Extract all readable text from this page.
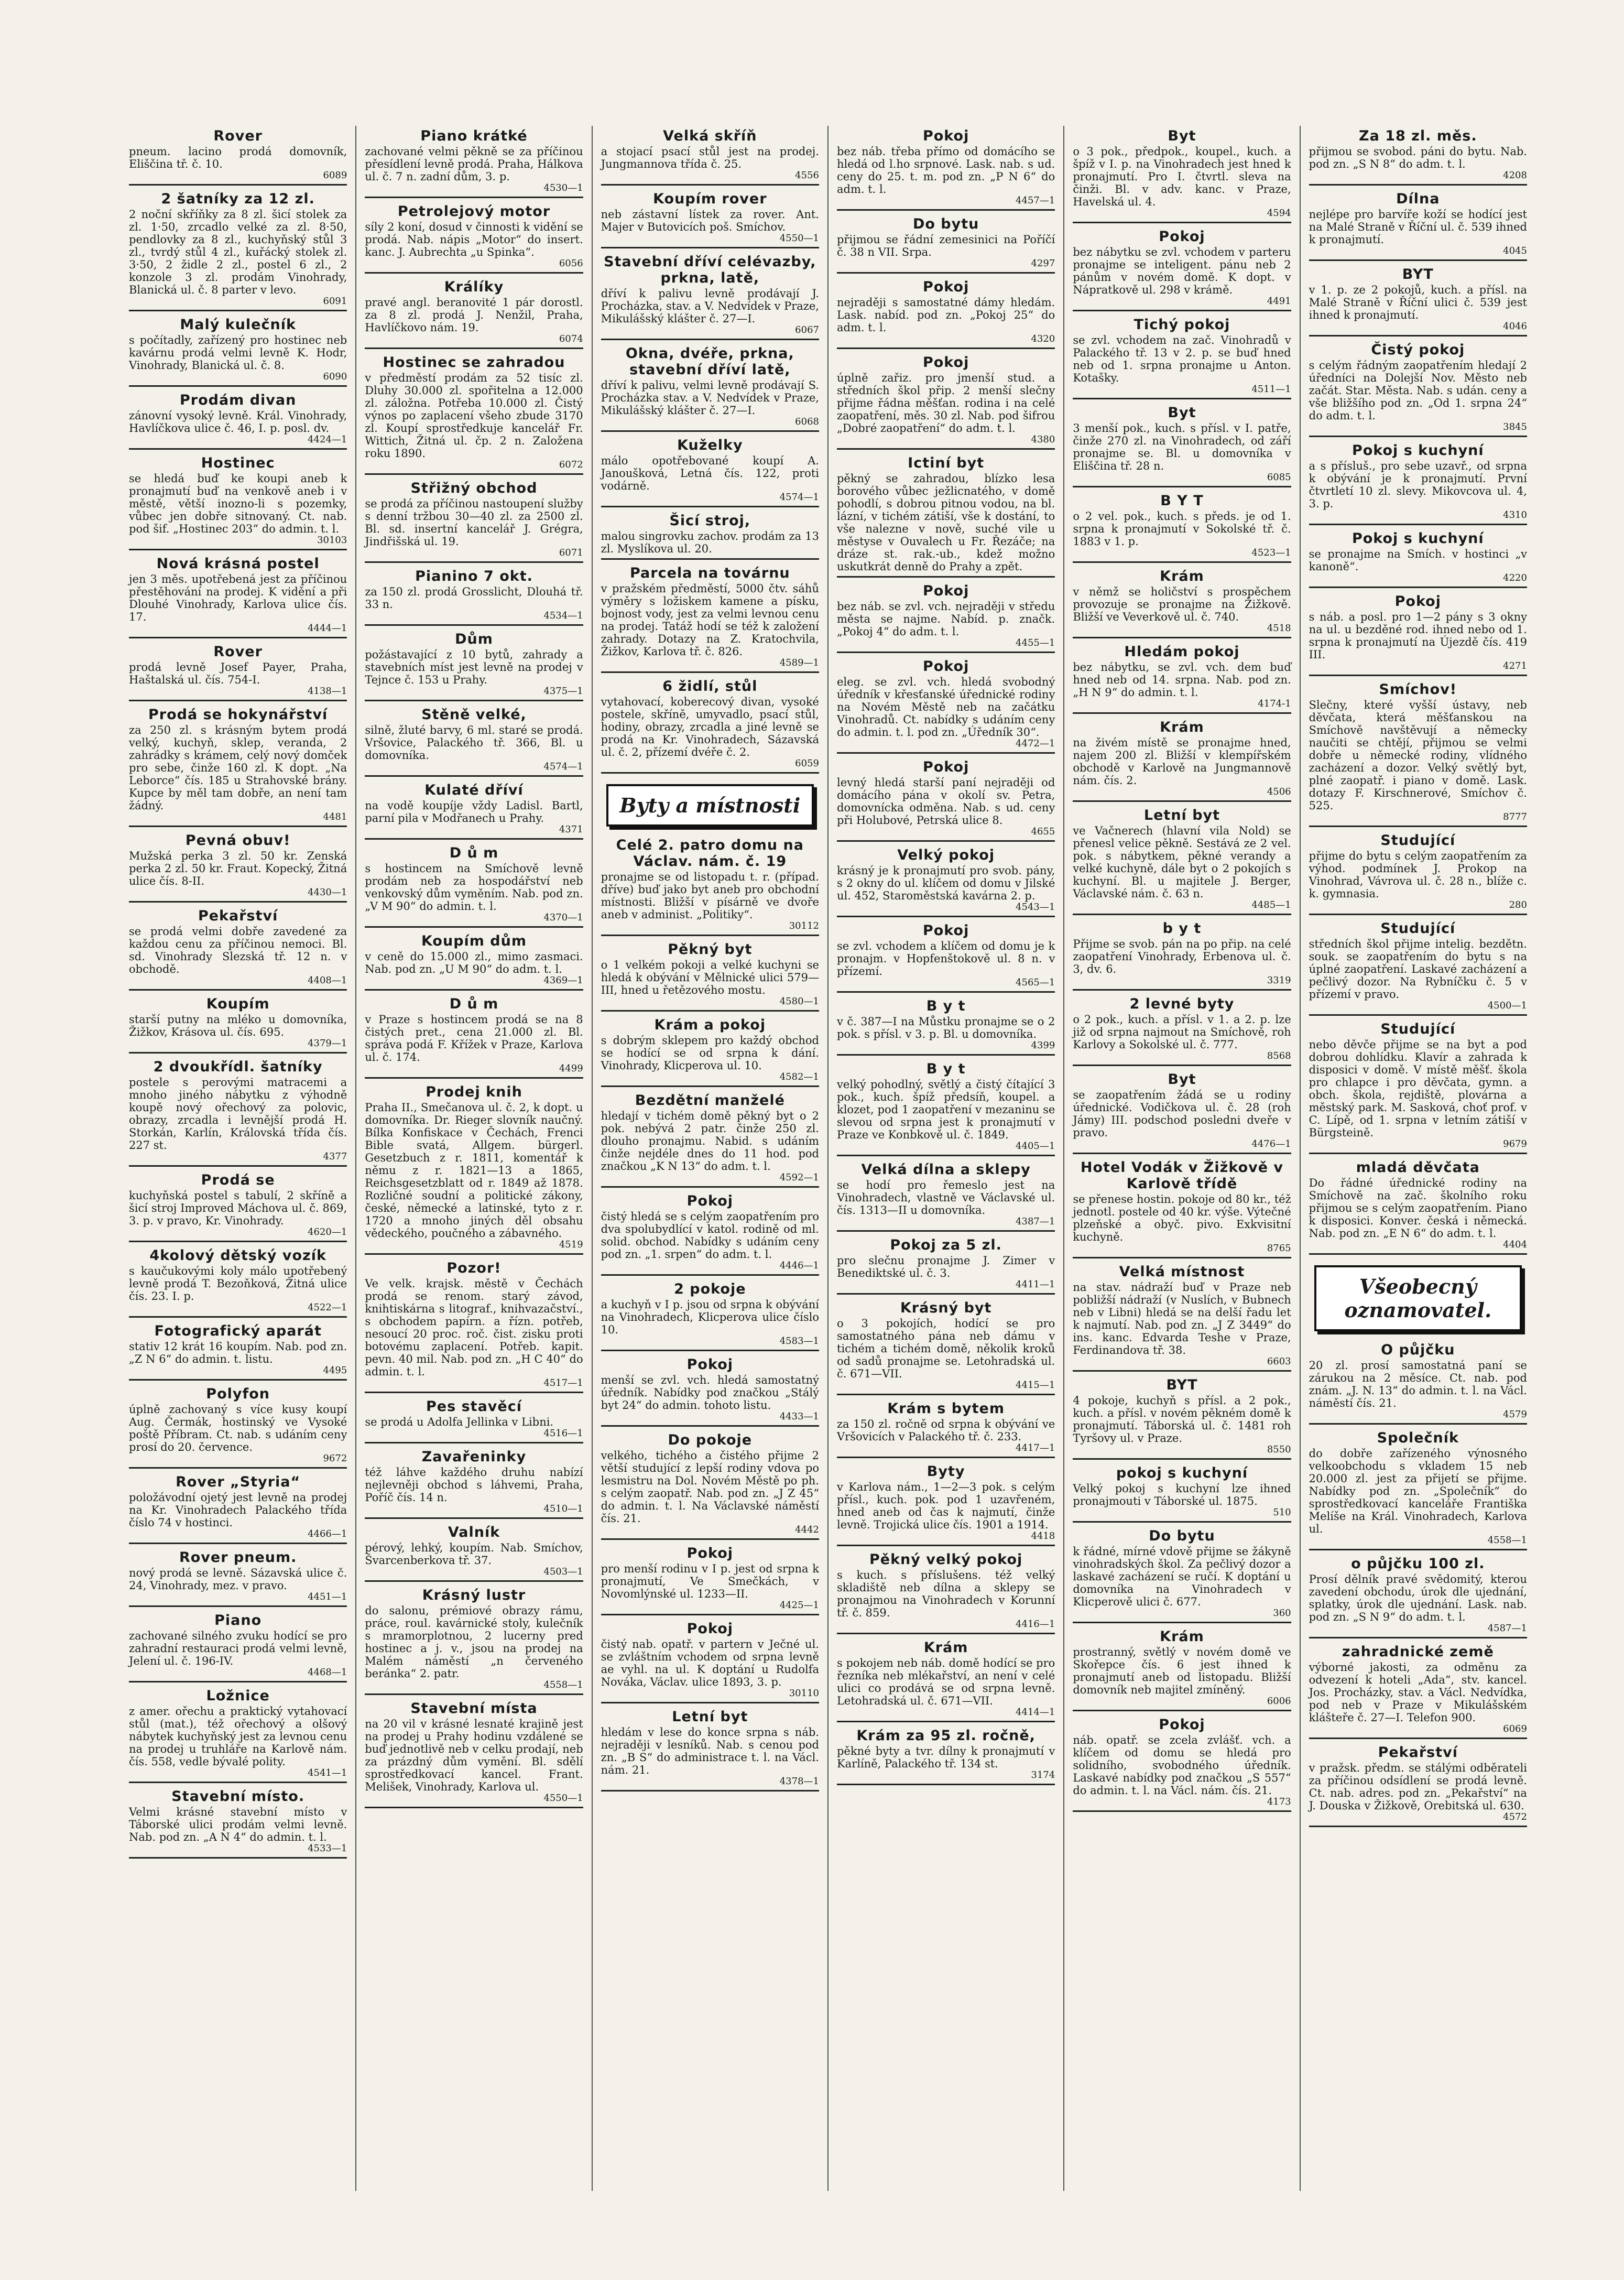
Rover

pneum. lacino prodá domovník, Eliščina tř. č. 10.

6089
2 šatníky za 12 zl.

2 noční skříňky za 8 zl. šicí stolek za zl. 1·50, zrcadlo velké za zl. 8·50, pendlovky za 8 zl., kuchyňský stůl 3 zl., tvrdý stůl 4 zl., kuřácký stolek zl. 3·50, 2 židle 2 zl., postel 6 zl., 2 konzole 3 zl. prodám Vinohrady, Blanická ul. č. 8 parter v levo.

6091
Malý kulečník

s počítadly, zařízený pro hostinec neb kavárnu prodá velmi levně K. Hodr, Vinohrady, Blanická ul. č. 8.

6090
Prodám divan

zánovní vysoký levně. Král. Vinohrady, Havlíčkova ulice č. 46, I. p. posl. dv.

4424—1
Hostinec

se hledá buď ke koupi aneb k pronajmutí buď na venkově aneb i v městě, větší inozno-li s pozemky, vůbec jen dobře sitnovaný. Ct. nab. pod šif. „Hostinec 203“ do admin. t. l.

30103
Nová krásná postel

jen 3 měs. upotřebená jest za příčinou přestěhování na prodej. K vidění a při Dlouhé Vinohrady, Karlova ulice čís. 17.

4444—1
Rover

prodá levně Josef Payer, Praha, Haštalská ul. čís. 754-I.

4138—1
Prodá se hokynářství

za 250 zl. s krásným bytem prodá velký, kuchyň, sklep, veranda, 2 zahrádky s krámem, celý nový domček pro sebe, činže 160 zl. K dopt. „Na Leborce“ čís. 185 u Strahovské brány. Kupce by měl tam dobře, an není tam žádný.

4481
Pevná obuv!

Mužská perka 3 zl. 50 kr. Zenská perka 2 zl. 50 kr. Fraut. Kopecký, Žitná ulice čís. 8-II.

4430—1
Pekařství

se prodá velmi dobře zavedené za každou cenu za příčinou nemoci. Bl. sd. Vinohrady Slezská tř. 12 n. v obchodě.

4408—1
Koupím

starší putny na mléko u domovníka, Žižkov, Krásova ul. čís. 695.

4379—1
2 dvoukřídl. šatníky

postele s perovými matracemi a mnoho jiného nábytku z výhodně koupě nový ořechový za polovic, obrazy, zrcadla i levnější prodá H. Storkán, Karlín, Královská třída čís. 227 st.

4377
Prodá se

kuchyňská postel s tabulí, 2 skříně a šicí stroj Improved Máchova ul. č. 869, 3. p. v pravo, Kr. Vinohrady.

4620—1
4kolový dětský vozík

s kaučukovými koly málo upotřebený levně prodá T. Bezoňková, Žitná ulice čís. 23. I. p.

4522—1
Fotografický aparát

stativ 12 krát 16 koupím. Nab. pod zn. „Z N 6“ do admin. t. listu.

4495
Polyfon

úplně zachovaný s více kusy koupí Aug. Čermák, hostinský ve Vysoké poště Příbram. Ct. nab. s udáním ceny prosí do 20. července.

9672
Rover „Styria“

položávodní ojetý jest levně na prodej na Kr. Vinohradech Palackého třída číslo 74 v hostinci.

4466—1
Rover pneum.

nový prodá se levně. Sázavská ulice č. 24, Vinohrady, mez. v pravo.

4451—1
Piano

zachované silného zvuku hodící se pro zahradní restauraci prodá velmi levně, Jelení ul. č. 196-IV.

4468—1
Ložnice

z amer. ořechu a praktický vytahovací stůl (mat.), též ořechový a olšový nábytek kuchyňský jest za levnou cenu na prodej u truhláře na Karlově nám. čís. 558, vedle bývalé polity.

4541—1
Stavební místo.

Velmi krásné stavební místo v Táborské ulici prodám velmi levně. Nab. pod zn. „A N 4“ do admin. t. l.

4533—1
Piano krátké

zachované velmi pěkně se za příčinou přesídlení levně prodá. Praha, Hálkova ul. č. 7 n. zadní dům, 3. p.

4530—1
Petrolejový motor

síly 2 koní, dosud v činnosti k vidění se prodá. Nab. nápis „Motor“ do insert. kanc. J. Aubrechta „u Spinka“.

6056
Králíky

pravé angl. beranovité 1 pár dorostl. za 8 zl. prodá J. Nenžil, Praha, Havlíčkovo nám. 19.

6074
Hostinec se zahradou

v předměstí prodám za 52 tisíc zl. Dluhy 30.000 zl. spořitelna a 12.000 zl. záložna. Potřeba 10.000 zl. Čistý výnos po zaplacení všeho zbude 3170 zl. Koupí sprostředkuje kancelář Fr. Wittich, Žitná ul. čp. 2 n. Založena roku 1890.

6072
Střižný obchod

se prodá za příčinou nastoupení služby s denní tržbou 30—40 zl. za 2500 zl. Bl. sd. insertní kancelář J. Grégra, Jindřišská ul. 19.

6071
Pianino 7 okt.

za 150 zl. prodá Grosslicht, Dlouhá tř. 33 n.

4534—1
Dům

požástavající z 10 bytů, zahrady a stavebních míst jest levně na prodej v Tejnce č. 153 u Prahy.

4375—1
Stěně velké,

silně, žluté barvy, 6 ml. staré se prodá. Vršovice, Palackého tř. 366, Bl. u domovníka.

4574—1
Kulaté dříví

na vodě koupíje vždy Ladisl. Bartl, parní pila v Modřanech u Prahy.

4371
D ů m

s hostincem na Smíchově levně prodám neb za hospodářství neb venkovský dům vyměním. Nab. pod zn. „V M 90“ do admin. t. l.

4370—1
Koupím dům

v ceně do 15.000 zl., mimo zasmaci. Nab. pod zn. „U M 90“ do adm. t. l.

4369—1
D ů m

v Praze s hostincem prodá se na 8 čistých pret., cena 21.000 zl. Bl. správa podá F. Křížek v Praze, Karlova ul. č. 174.

4499
Prodej knih

Praha II., Smečanova ul. č. 2, k dopt. u domovníka. Dr. Rieger slovník naučný. Bílka Konfiskace v Čechách, Frenci Bible svatá, Allgem. bürgerl. Gesetzbuch z r. 1811, komentář k němu z r. 1821—13 a 1865, Reichsgesetzblatt od r. 1849 až 1878. Rozličné soudní a politické zákony, české, německé a latinské, tyto z r. 1720 a mnoho jiných děl obsahu vědeckého, poučného a zábavného.

4519
Pozor!

Ve velk. krajsk. městě v Čechách prodá se renom. starý závod, knihtiskárna s litograf., knihvazačství., s obchodem papírn. a řízn. potřeb, nesoucí 20 proc. roč. čist. zisku proti botovému zaplacení. Potřeb. kapit. pevn. 40 mil. Nab. pod zn. „H C 40“ do admin. t. l.

4517—1
Pes stavěcí

se prodá u Adolfa Jellinka v Libni.

4516—1
Zavařeninky

též láhve každého druhu nabízí nejlevněji obchod s láhvemi, Praha, Poříč čís. 14 n.

4510—1
Valník

pérový, lehký, koupím. Nab. Smíchov, Švarcenberkova tř. 37.

4503—1
Krásný lustr

do salonu, prémiové obrazy rámu, práce, roul. kavárnické stoly, kulečník s mramorplotnou, 2 lucerny pred hostinec a j. v., jsou na prodej na Malém náměstí „n červeného beránka“ 2. patr.

4558—1
Stavební místa

na 20 vil v krásné lesnaté krajině jest na prodej u Prahy hodinu vzdálené se buď jednotlivě neb v celku prodají, neb za prázdný dům vymění. Bl. sdělí sprostředkovací kancel. Frant. Melišek, Vinohrady, Karlova ul.

4550—1
Velká skříň

a stojací psací stůl jest na prodej. Jungmannova třída č. 25.

4556
Koupím rover

neb zástavní lístek za rover. Ant. Majer v Butovicích poš. Smíchov.

4550—1
Stavební dříví celévazby, prkna, latě,

dříví k palivu levně prodávají J. Procházka, stav. a V. Nedvídek v Praze, Mikulášský klášter č. 27—I.

6067
Okna, dvéře, prkna, stavební dříví latě,

dříví k palivu, velmi levně prodávají S. Procházka stav. a V. Nedvídek v Praze, Mikulášský klášter č. 27—I.

6068
Kuželky

málo opotřebované koupí A. Janoušková, Letná čís. 122, proti vodárně.

4574—1
Šicí stroj,

malou singrovku zachov. prodám za 13 zl. Myslíkova ul. 20.

Parcela na továrnu

v pražském předměstí, 5000 čtv. sáhů výměry s ložiskem kamene a písku, bojnost vody, jest za velmi levnou cenu na prodej. Tatáž hodí se též k založení zahrady. Dotazy na Z. Kratochvila, Žižkov, Karlova tř. č. 826.

4589—1
6 židlí, stůl

vytahovací, koberecový divan, vysoké postele, skříně, umyvadlo, psací stůl, hodiny, obrazy, zrcadla a jiné levně se prodá na Kr. Vinohradech, Sázavská ul. č. 2, přízemí dvéře č. 2.

6059
Byty a místnosti
Celé 2. patro domu na Václav. nám. č. 19

pronajme se od listopadu t. r. (případ. dříve) buď jako byt aneb pro obchodní místnosti. Bližší v písárně ve dvoře aneb v administ. „Politiky“.

30112
Pěkný byt

o 1 velkém pokoji a velké kuchyni se hledá k obývání v Mělnické ulici 579—III, hned u řetězového mostu.

4580—1
Krám a pokoj

s dobrým sklepem pro každý obchod se hodící se od srpna k dání. Vinohrady, Klicperova ul. 10.

4582—1
Bezdětní manželé

hledají v tichém domě pěkný byt o 2 pok. nebývá 2 patr. činže 250 zl. dlouho pronajmu. Nabid. s udáním činže nejdéle dnes do 11 hod. pod značkou „K N 13“ do adm. t. l.

4592—1
Pokoj

čistý hledá se s celým zaopatřením pro dva spolubydlící v katol. rodině od ml. solid. obchod. Nabídky s udáním ceny pod zn. „1. srpen“ do adm. t. l.

4446—1
2 pokoje

a kuchyň v I p. jsou od srpna k obývání na Vinohradech, Klicperova ulice číslo 10.

4583—1
Pokoj

menší se zvl. vch. hledá samostatný úředník. Nabídky pod značkou „Stálý byt 24“ do admin. tohoto listu.

4433—1
Do pokoje

velkého, tichého a čistého přijme 2 větší studující z lepší rodiny vdova po lesmistru na Dol. Novém Městě po ph. s celým zaopatř. Nab. pod zn. „J Z 45“ do admin. t. l. Na Václavské náměstí čís. 21.

4442
Pokoj

pro menší rodinu v I p. jest od srpna k pronajmutí, Ve Smečkách, v Novomlýnské ul. 1233—II.

4425—1
Pokoj

čistý nab. opatř. v partern v Ječné ul. se zvláštním vchodem od srpna levně ae vyhl. na ul. K doptání u Rudolfa Nováka, Václav. ulice 1893, 3. p.

30110
Letní byt

hledám v lese do konce srpna s náb. nejraději v lesníků. Nab. s cenou pod zn. „B S“ do administrace t. l. na Václ. nám. 21.

4378—1
Pokoj

bez náb. třeba přímo od domácího se hledá od l.ho srpnové. Lask. nab. s ud. ceny do 25. t. m. pod zn. „P N 6“ do adm. t. l.

4457—1
Do bytu

přijmou se řádní zemesinici na Poříčí č. 38 n VII. Srpa.

4297
Pokoj

nejraději s samostatné dámy hledám. Lask. nabíd. pod zn. „Pokoj 25“ do adm. t. l.

4320
Pokoj

úplně zařiz. pro jmenší stud. a středních škol přip. 2 menší slečny přijme řádna měšťan. rodina i na celé zaopatření, měs. 30 zl. Nab. pod šifrou „Dobré zaopatření“ do adm. t. l.

4380
Ictiní byt

pěkný se zahradou, blízko lesa borového vůbec ježlicnatého, v domě pohodlí, s dobrou pitnou vodou, na bl. lázní, v tichém zátiší, vše k dostání, to vše nalezne v nově, suché vile u městyse v Ouvalech u Fr. Řezáče; na dráze st. rak.-ub., kdež možno uskutkrát denně do Prahy a zpět.

Pokoj

bez náb. se zvl. vch. nejraději v středu města se najme. Nabíd. p. značk. „Pokoj 4“ do adm. t. l.

4455—1
Pokoj

eleg. se zvl. vch. hledá svobodný úředník v křesťanské úřednické rodiny na Novém Městě neb na začátku Vinohradů. Ct. nabídky s udáním ceny do admin. t. l. pod zn. „Úředník 30“.

4472—1
Pokoj

levný hledá starší paní nejraději od domácího pána v okolí sv. Petra, domovnícka odměna. Nab. s ud. ceny při Holubové, Petrská ulice 8.

4655
Velký pokoj

krásný je k pronajmutí pro svob. pány, s 2 okny do ul. klíčem od domu v Jilské ul. 452, Staroměstská kavárna 2. p.

4543—1
Pokoj

se zvl. vchodem a klíčem od domu je k pronajm. v Hopfenštokově ul. 8 n. v přízemí.

4565—1
B y t

v č. 387—I na Můstku pronajme se o 2 pok. s přísl. v 3. p. Bl. u domovníka.

4399
B y t

velký pohodlný, světlý a čistý čítající 3 pok., kuch. špíž předsíň, koupel. a klozet, pod 1 zaopatření v mezaninu se slevou od srpna jest k pronajmutí v Praze ve Konbkově ul. č. 1849.

4405—1
Velká dílna a sklepy

se hodí pro řemeslo jest na Vinohradech, vlastně ve Václavské ul. čís. 1313—II u domovníka.

4387—1
Pokoj za 5 zl.

pro slečnu pronajme J. Zimer v Benediktské ul. č. 3.

4411—1
Krásný byt

o 3 pokojích, hodící se pro samostatného pána neb dámu v tichém a tichém domě, několik kroků od sadů pronajme se. Letohradská ul. č. 671—VII.

4415—1
Krám s bytem

za 150 zl. ročně od srpna k obývání ve Vršovicích v Palackého tř. č. 233.

4417—1
Byty

v Karlova nám., 1—2—3 pok. s celým přísl., kuch. pok. pod 1 uzavřeném, hned aneb od čas k najmutí, činže levně. Trojická ulice čís. 1901 a 1914.

4418
Pěkný velký pokoj

s kuch. s příslušens. též velký skladiště neb dílna a sklepy se pronajmou na Vinohradech v Korunní tř. č. 859.

4416—1
Krám

s pokojem neb náb. domě hodící se pro řezníka neb mlékařství, an není v celé ulici co prodává se od srpna levně. Letohradská ul. č. 671—VII.

4414—1
Krám za 95 zl. ročně,

pěkné byty a tvr. dílny k pronajmutí v Karlíně, Palackého tř. 134 st.

3174
Byt

o 3 pok., předpok., koupel., kuch. a špíž v I. p. na Vinohradech jest hned k pronajmutí. Pro I. čtvrtl. sleva na činži. Bl. v adv. kanc. v Praze, Havelská ul. 4.

4594
Pokoj

bez nábytku se zvl. vchodem v parteru pronajme se inteligent. pánu neb 2 pánům v novém domě. K dopt. v Nápratkově ul. 298 v krámě.

4491
Tichý pokoj

se zvl. vchodem na zač. Vinohradů v Palackého tř. 13 v 2. p. se buď hned neb od 1. srpna pronajme u Anton. Kotašky.

4511—1
Byt

3 menší pok., kuch. s přísl. v I. patře, činže 270 zl. na Vinohradech, od září pronajme se. Bl. u domovníka v Eliščina tř. 28 n.

6085
B Y T

o 2 vel. pok., kuch. s předs. je od 1. srpna k pronajmutí v Sokolské tř. č. 1883 v 1. p.

4523—1
Krám

v němž se holičství s prospěchem provozuje se pronajme na Žižkově. Bližší ve Veverkově ul. č. 740.

4518
Hledám pokoj

bez nábytku, se zvl. vch. dem buď hned neb od 14. srpna. Nab. pod zn. „H N 9“ do admin. t. l.

4174-1
Krám

na živém místě se pronajme hned, najem 200 zl. Bližší v klempířském obchodě v Karlově na Jungmannově nám. čís. 2.

4506
Letní byt

ve Vačnerech (hlavní vila Nold) se přenesl velice pěkně. Sestává ze 2 vel. pok. s nábytkem, pěkné verandy a velké kuchyně, dále byt o 2 pokojích s kuchyní. Bl. u majitele J. Berger, Václavské nám. č. 63 n.

4485—1
b y t

Přijme se svob. pán na po přip. na celé zaopatření Vinohrady, Erbenova ul. č. 3, dv. 6.

3319
2 levné byty

o 2 pok., kuch. a přísl. v 1. a 2. p. lze již od srpna najmout na Smíchově, roh Karlovy a Sokolské ul. č. 777.

8568
Byt

se zaopatřením žádá se u rodiny úřednické. Vodičkova ul. č. 28 (roh Jámy) III. podschod posledni dveře v pravo.

4476—1
Hotel Vodák v Žižkově v Karlově třídě

se přenese hostin. pokoje od 80 kr., též jednotl. postele od 40 kr. výše. Výtečné plzeňské a obyč. pivo. Exkvisitní kuchyně.

8765
Velká místnost

na stav. nádraží buď v Praze neb pobližší nádraží (v Nuslích, v Bubnech neb v Libni) hledá se na delší řadu let k najmutí. Nab. pod zn. „J Z 3449“ do ins. kanc. Edvarda Teshe v Praze, Ferdinandova tř. 38.

6603
BYT

4 pokoje, kuchyň s přísl. a 2 pok., kuch. a přísl. v novém pěkném domě k pronajmutí. Táborská ul. č. 1481 roh Tyršovy ul. v Praze.

8550
pokoj s kuchyní

Velký pokoj s kuchyní lze ihned pronajmouti v Táborské ul. 1875.

510
Do bytu

k řádné, mírné vdově přijme se žákyně vinohradských škol. Za pečlivý dozor a laskavé zacházení se ručí. K doptání u domovníka na Vinohradech v Klicperově ulici č. 677.

360
Krám

prostranný, světlý v novém domě ve Skořepce čís. 6 jest ihned k pronajmutí aneb od listopadu. Bližší domovník neb majitel zmíněný.

6006
Pokoj

náb. opatř. se zcela zvlášť. vch. a klíčem od domu se hledá pro solidního, svobodného úředník. Laskavé nabídky pod značkou „S 557“ do admin. t. l. na Václ. nám. čís. 21.

4173
Za 18 zl. měs.

přijmou se svobod. páni do bytu. Nab. pod zn. „S N 8“ do adm. t. l.

4208
Dílna

nejlépe pro barvíře koží se hodící jest na Malé Straně v Říční ul. č. 539 ihned k pronajmutí.

4045
BYT

v 1. p. ze 2 pokojů, kuch. a přísl. na Malé Straně v Říční ulici č. 539 jest ihned k pronajmutí.

4046
Čistý pokoj

s celým řádným zaopatřením hledají 2 úředníci na Dolejší Nov. Město neb začát. Star. Města. Nab. s udán. ceny a vše bližšího pod zn. „Od 1. srpna 24“ do adm. t. l.

3845
Pokoj s kuchyní

a s přísluš., pro sebe uzavř., od srpna k obývání je k pronajmutí. První čtvrtletí 10 zl. slevy. Mikovcova ul. 4, 3. p.

4310
Pokoj s kuchyní

se pronajme na Smích. v hostinci „v kanoně“.

4220
Pokoj

s náb. a posl. pro 1—2 pány s 3 okny na ul. u bezděné rod. ihned nebo od 1. srpna k pronajmutí na Újezdě čís. 419 III.

4271
Smíchov!

Slečny, které vyšší ústavy, neb děvčata, která měšťanskou na Smíchově navštěvují a německy naučiti se chtějí, přijmou se velmi dobře u německé rodiny, vlídného zacházení a dozor. Velký světlý byt, plné zaopatř. i piano v domě. Lask. dotazy F. Kirschnerové, Smíchov č. 525.

8777
Studující

přijme do bytu s celým zaopatřením za výhod. podmínek J. Prokop na Vinohrad, Vávrova ul. č. 28 n., blíže c. k. gymnasia.

280
Studující

středních škol přijme intelig. bezdětn. souk. se zaopatřením do bytu s na úplné zaopatření. Laskavé zacházení a pečlivý dozor. Na Rybníčku č. 5 v přízemí v pravo.

4500—1
Studující

nebo děvče přijme se na byt a pod dobrou dohlídku. Klavír a zahrada k disposici v domě. V místě měšť. škola pro chlapce i pro děvčata, gymn. a obch. škola, rejdiště, plovárna a městský park. M. Sasková, choť prof. v C. Lípě, od 1. srpna v letním zátiší v Bürgsteině.

9679
mladá děvčata

Do řádné úřednické rodiny na Smíchově na zač. školního roku přijmou se s celým zaopatřením. Piano k disposici. Konver. česká i německá. Nab. pod zn. „E N 6“ do adm. t. l.

4404
Všeobecný oznamovatel.
O půjčku

20 zl. prosí samostatná paní se zárukou na 2 měsíce. Ct. nab. pod znám. „J. N. 13“ do admin. t. l. na Václ. náměstí čís. 21.

4579
Společník

do dobře zařízeného výnosného velkoobchodu s vkladem 15 neb 20.000 zl. jest za přijetí se přijme. Nabídky pod zn. „Společník“ do sprostředkovací kanceláře Františka Melíše na Král. Vinohradech, Karlova ul.

4558—1
o půjčku 100 zl.

Prosí dělník pravé svědomitý, kterou zavedení obchodu, úrok dle ujednání, splatky, úrok dle ujednání. Lask. nab. pod zn. „S N 9“ do adm. t. l.

4587—1
zahradnické země

výborné jakosti, za odměnu za odvezení k hoteli „Ada“, stv. kancel. Jos. Procházky, stav. a Václ. Nedvídka, pod neb v Praze v Mikulášském klášteře č. 27—I. Telefon 900.

6069
Pekařství

v pražsk. předm. se stálými odběrateli za příčinou odsídlení se prodá levně. Ct. nab. adres. pod zn. „Pekařství“ na J. Douska v Žižkově, Orebitská ul. 630.

4572
